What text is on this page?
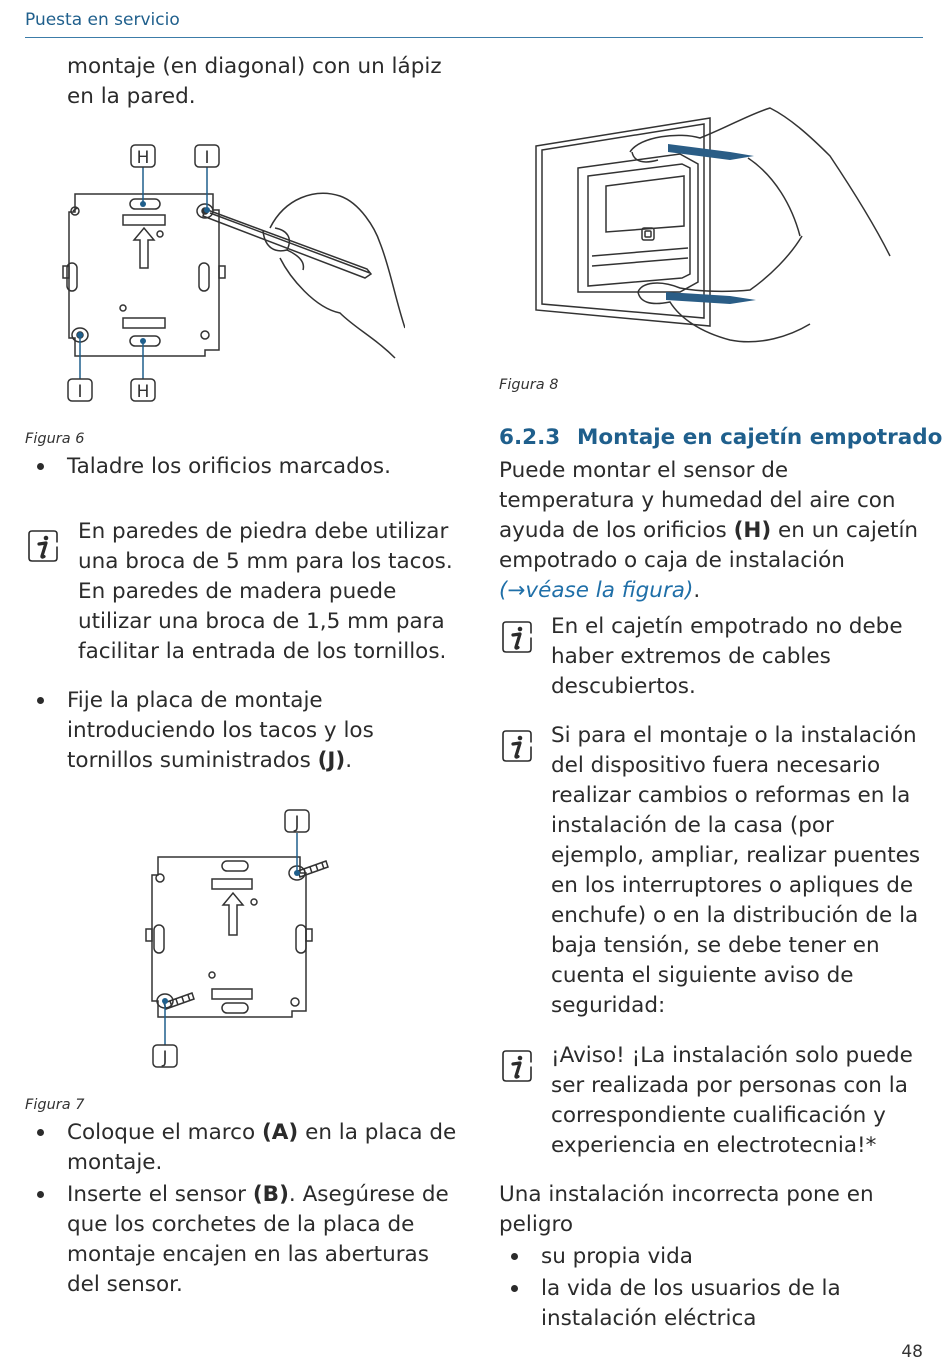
Puesta en servicio
montaje (en diagonal) con un lápiz en la pared.
H	I
I	H
Figura 6
Taladre los orificios marcados.
En paredes de piedra debe utilizar una broca de 5 mm para los tacos. En paredes de madera puede utilizar una broca de 1,5 mm para facilitar la entrada de los tornillos.
Fije la placa de montaje introduciendo los tacos y los tornillos suministrados (J).
J
J
Figura 7
Coloque el marco (A) en la placa de montaje.
Inserte el sensor (B). Asegúrese de que los corchetes de la placa de montaje encajen en las aberturas del sensor.
Figura 8
6.2.3 Montaje en cajetín empotrado
Puede montar el sensor de temperatura y humedad del aire con ayuda de los orificios (H) en un cajetín empotrado o caja de instalación (→véase la figura).
En el cajetín empotrado no debe haber extremos de cables descubiertos.
Si para el montaje o la instalación del dispositivo fuera necesario realizar cambios o reformas en la instalación de la casa (por ejemplo, ampliar, realizar puentes en los interruptores o apliques de enchufe) o en la distribución de la baja tensión, se debe tener en cuenta el siguiente aviso de seguridad:
¡Aviso! ¡La instalación solo puede ser realizada por personas con la correspondiente cualificación y experiencia en electrotecnia!*
Una instalación incorrecta pone en peligro
su propia vida
la vida de los usuarios de la instalación eléctrica
48
